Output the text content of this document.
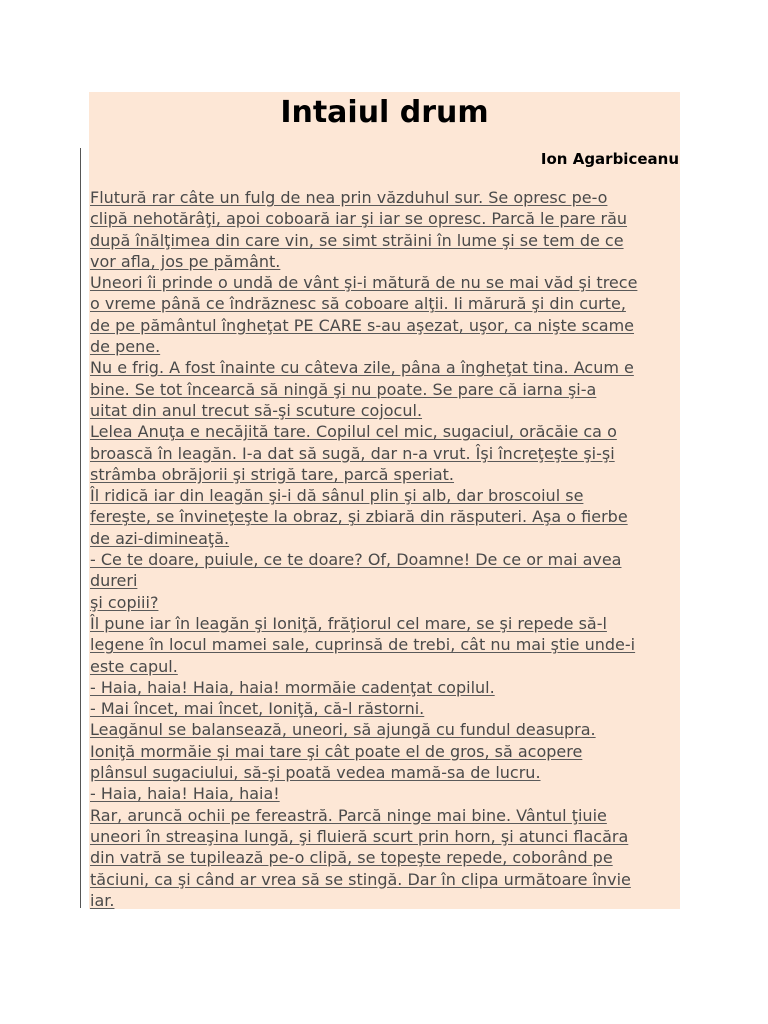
Intaiul drum
Ion Agarbiceanu
Flutură rar câte un fulg de nea prin văzduhul sur. Se opresc pe-o
clipă nehotărâţi, apoi coboară iar şi iar se opresc. Parcă le pare rău
după înălţimea din care vin, se simt străini în lume şi se tem de ce
vor afla, jos pe pământ.
Uneori îi prinde o undă de vânt şi-i mătură de nu se mai văd şi trece
o vreme până ce îndrăznesc să coboare alţii. Ii mărură şi din curte,
de pe pământul îngheţat PE CARE s-au aşezat, uşor, ca nişte scame
de pene.
Nu e frig. A fost înainte cu câteva zile, pâna a îngheţat tina. Acum e
bine. Se tot încearcă să ningă şi nu poate. Se pare că iarna şi-a
uitat din anul trecut să-şi scuture cojocul.
Lelea Anuţa e necăjită tare. Copilul cel mic, sugaciul, orăcăie ca o
broască în leagăn. I-a dat să sugă, dar n-a vrut. Îşi încreţeşte şi-şi
strâmba obrăjorii şi strigă tare, parcă speriat.
Îl ridică iar din leagăn şi-i dă sânul plin şi alb, dar broscoiul se
fereşte, se învineţeşte la obraz, şi zbiară din răsputeri. Aşa o fierbe
de azi-dimineaţă.
- Ce te doare, puiule, ce te doare? Of, Doamne! De ce or mai avea
dureri
şi copiii?
Îl pune iar în leagăn şi Ioniţă, frăţiorul cel mare, se şi repede să-l
legene în locul mamei sale, cuprinsă de trebi, cât nu mai ştie unde-i
este capul.
- Haia, haia! Haia, haia! mormăie cadenţat copilul.
- Mai încet, mai încet, Ioniţă, că-l răstorni.
Leagănul se balansează, uneori, să ajungă cu fundul deasupra.
Ioniţă mormăie şi mai tare şi cât poate el de gros, să acopere
plânsul sugaciului, să-şi poată vedea mamă-sa de lucru.
- Haia, haia! Haia, haia!
Rar, aruncă ochii pe fereastră. Parcă ninge mai bine. Vântul ţiuie
uneori în streaşina lungă, şi fluieră scurt prin horn, şi atunci flacăra
din vatră se tupilează pe-o clipă, se topeşte repede, coborând pe
tăciuni, ca şi când ar vrea să se stingă. Dar în clipa următoare învie
iar.
